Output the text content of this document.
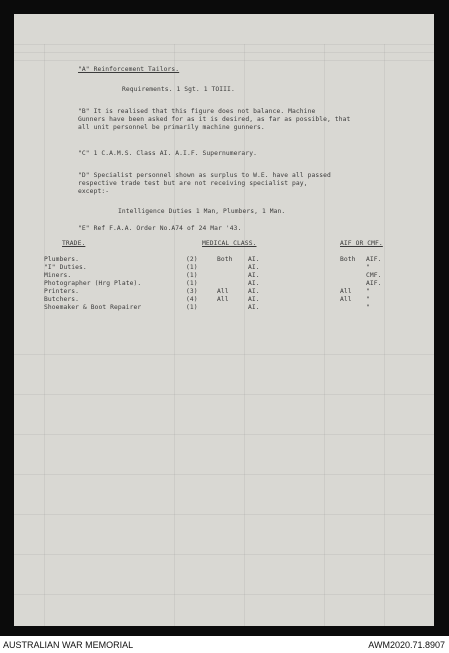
"A" Reinforcement Tailors.
Requirements. 1 Sgt. 1 TOIII.
"B" It is realised that this figure does not balance. Machine
Gunners have been asked for as it is desired, as far as possible, that
all unit personnel be primarily machine gunners.
"C" 1 C.A.M.S. Class AI. A.I.F. Supernumerary.
"D" Specialist personnel shown as surplus to W.E. have all passed
respective trade test but are not receiving specialist pay,
except:-
Intelligence Duties 1 Man, Plumbers, 1 Man.
"E" Ref F.A.A. Order No.A74 of 24 Mar '43.
TRADE.	MEDICAL CLASS.	AIF OR CMF.
Plumbers.	(2)	Both AI.	Both AIF.
"I" Duties.	(1)	AI.	"
Miners.	(1)	AI.	CMF.
Photographer (Hrg Plate).	(1)	AI.	AIF.
Printers.	(3)	All	AI.	All "
Butchers.	(4)	All	AI.	All "
Shoemaker & Boot Repairer	(1)	AI.	"
AUSTRALIAN WAR MEMORIAL	AWM2020.71.8907
